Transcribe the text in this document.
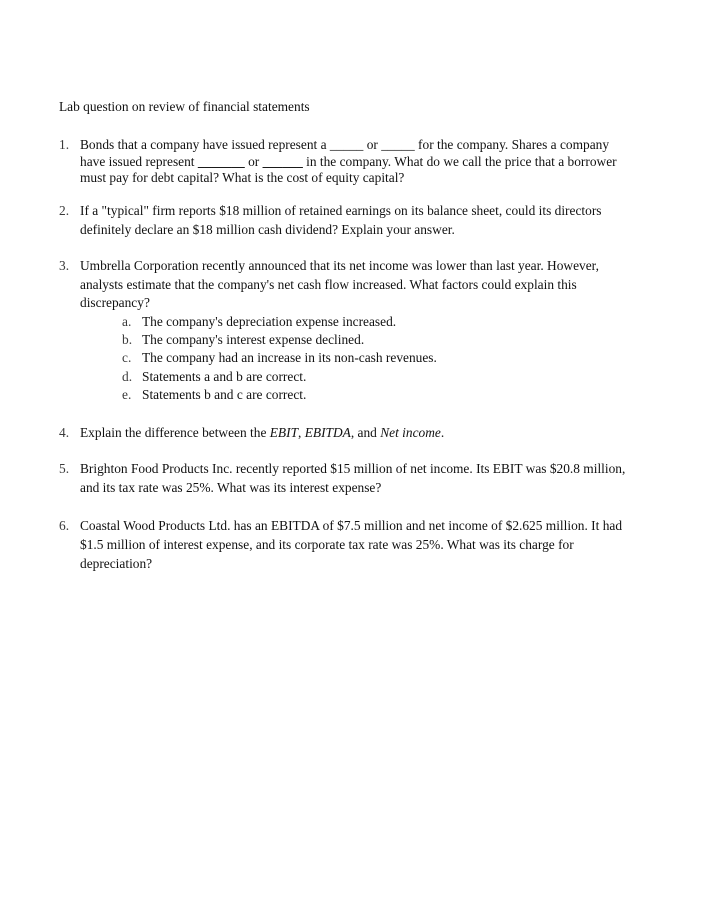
Lab question on review of financial statements
1. Bonds that a company have issued represent a _____ or _____ for the company. Shares a company
have issued represent _______ or ______ in the company. What do we call the price that a borrower
must pay for debt capital? What is the cost of equity capital?
2. If a "typical" firm reports $18 million of retained earnings on its balance sheet, could its directors
definitely declare an $18 million cash dividend? Explain your answer.
3. Umbrella Corporation recently announced that its net income was lower than last year. However,
analysts estimate that the company's net cash flow increased. What factors could explain this
discrepancy?
a. The company's depreciation expense increased.
b. The company's interest expense declined.
c. The company had an increase in its non-cash revenues.
d. Statements a and b are correct.
e. Statements b and c are correct.
4. Explain the difference between the EBIT, EBITDA, and Net income.
5. Brighton Food Products Inc. recently reported $15 million of net income. Its EBIT was $20.8 million,
and its tax rate was 25%. What was its interest expense?
6. Coastal Wood Products Ltd. has an EBITDA of $7.5 million and net income of $2.625 million. It had
$1.5 million of interest expense, and its corporate tax rate was 25%. What was its charge for
depreciation?
